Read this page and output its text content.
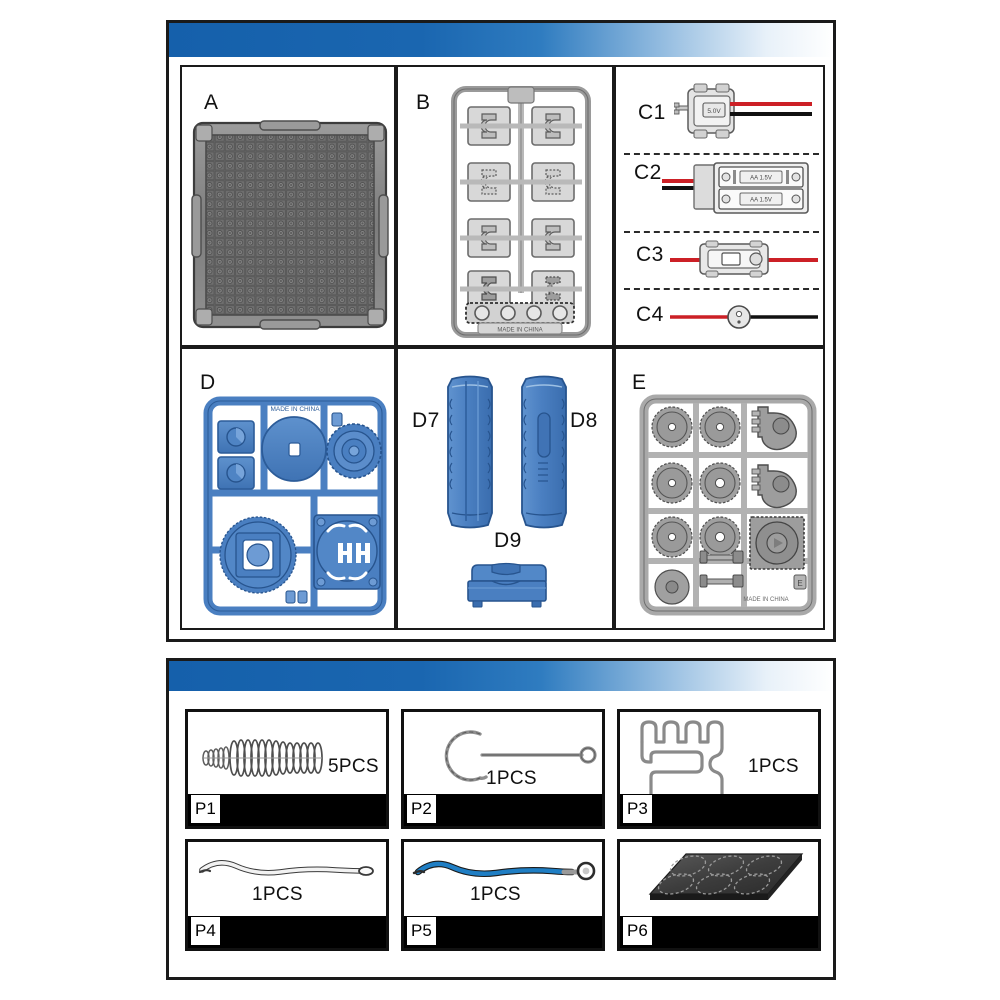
A	B
MADE IN CHINA
C1	5.0V
C2	AA 1.5V
AA 1.5V
C3
C4
D
MADE IN CHINA	D7	D8
D9
E
MADE IN CHINA
E
5PCS
P1
1PCS
P2
1PCS
P3
1PCS
P4
1PCS
P5	P6
